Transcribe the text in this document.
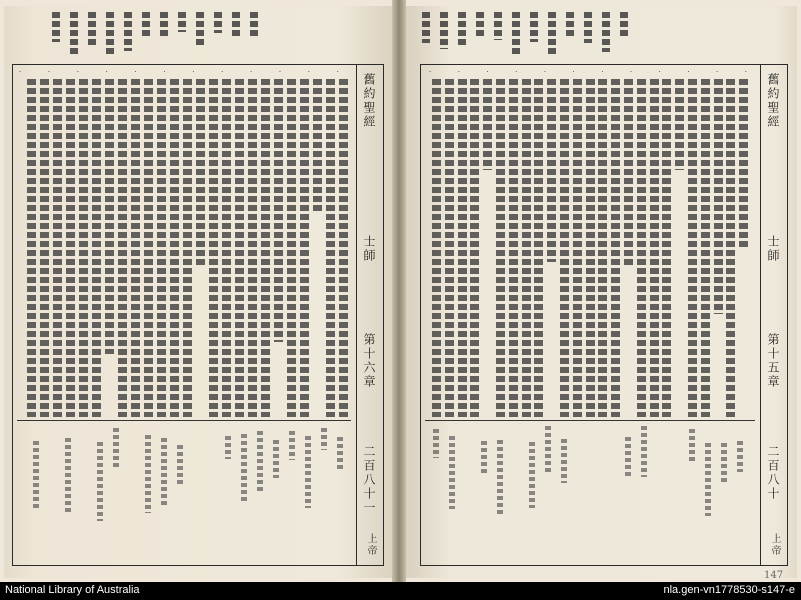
·	·	·	·	·	·	·	·	·	·	·	·
舊約聖經
士師
第十六章
二百八十一
上帝
·	·	·	·	·	·	·	·	·	·	·	·
舊約聖經
士師
第十五章
二百八十
上帝
147
National Library of Australia	nla.gen-vn1778530-s147-e
